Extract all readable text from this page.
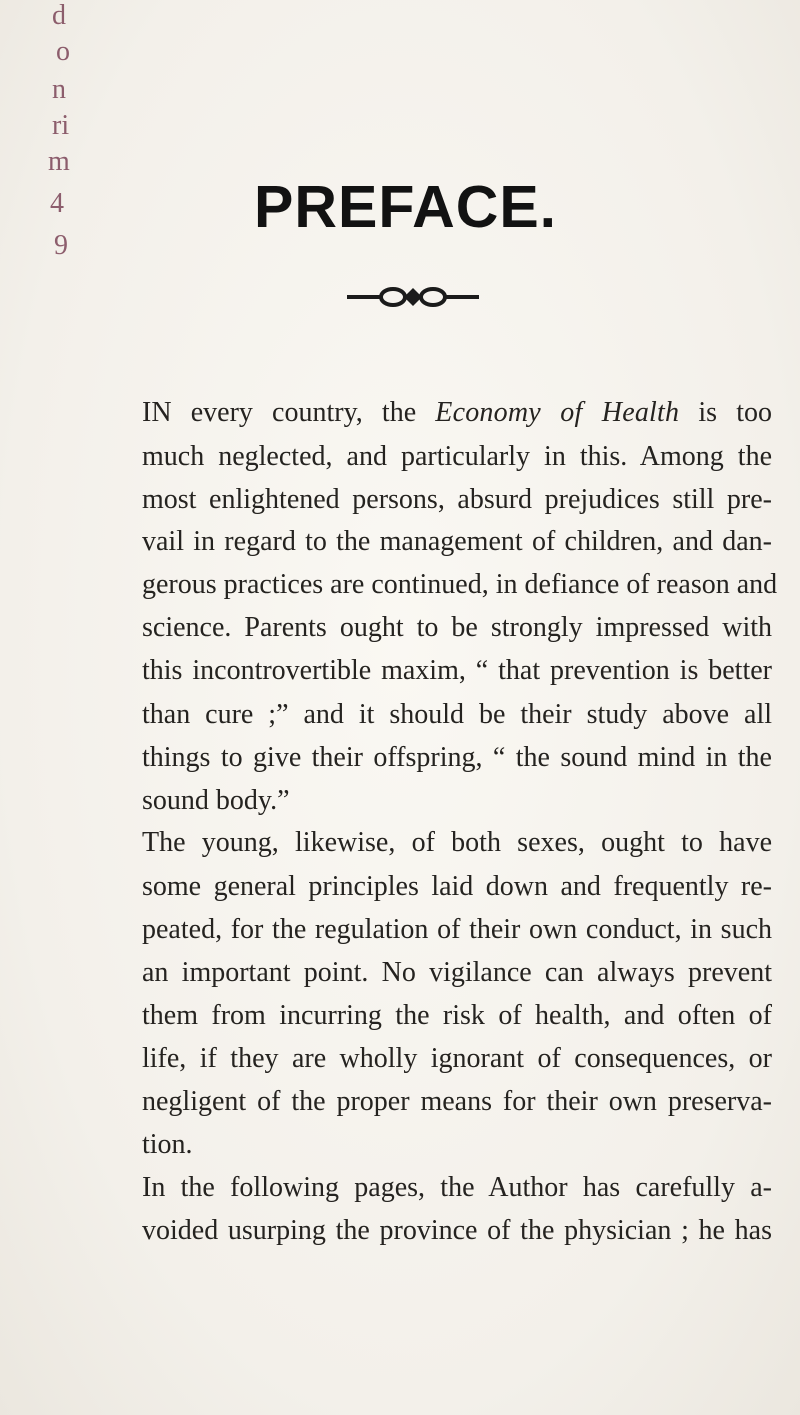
d
o
n
ri
m
4
9
PREFACE.
IN every country, the Economy of Health is too
much neglected, and particularly in this. Among the
most enlightened persons, absurd prejudices still pre-
vail in regard to the management of children, and dan-
gerous practices are continued, in defiance of reason and
science. Parents ought to be strongly impressed with
this incontrovertible maxim, “ that prevention is better
than cure ;” and it should be their study above all
things to give their offspring, “ the sound mind in the
sound body.”
The young, likewise, of both sexes, ought to have
some general principles laid down and frequently re-
peated, for the regulation of their own conduct, in such
an important point. No vigilance can always prevent
them from incurring the risk of health, and often of
life, if they are wholly ignorant of consequences, or
negligent of the proper means for their own preserva-
tion.
In the following pages, the Author has carefully a-
voided usurping the province of the physician ; he has
